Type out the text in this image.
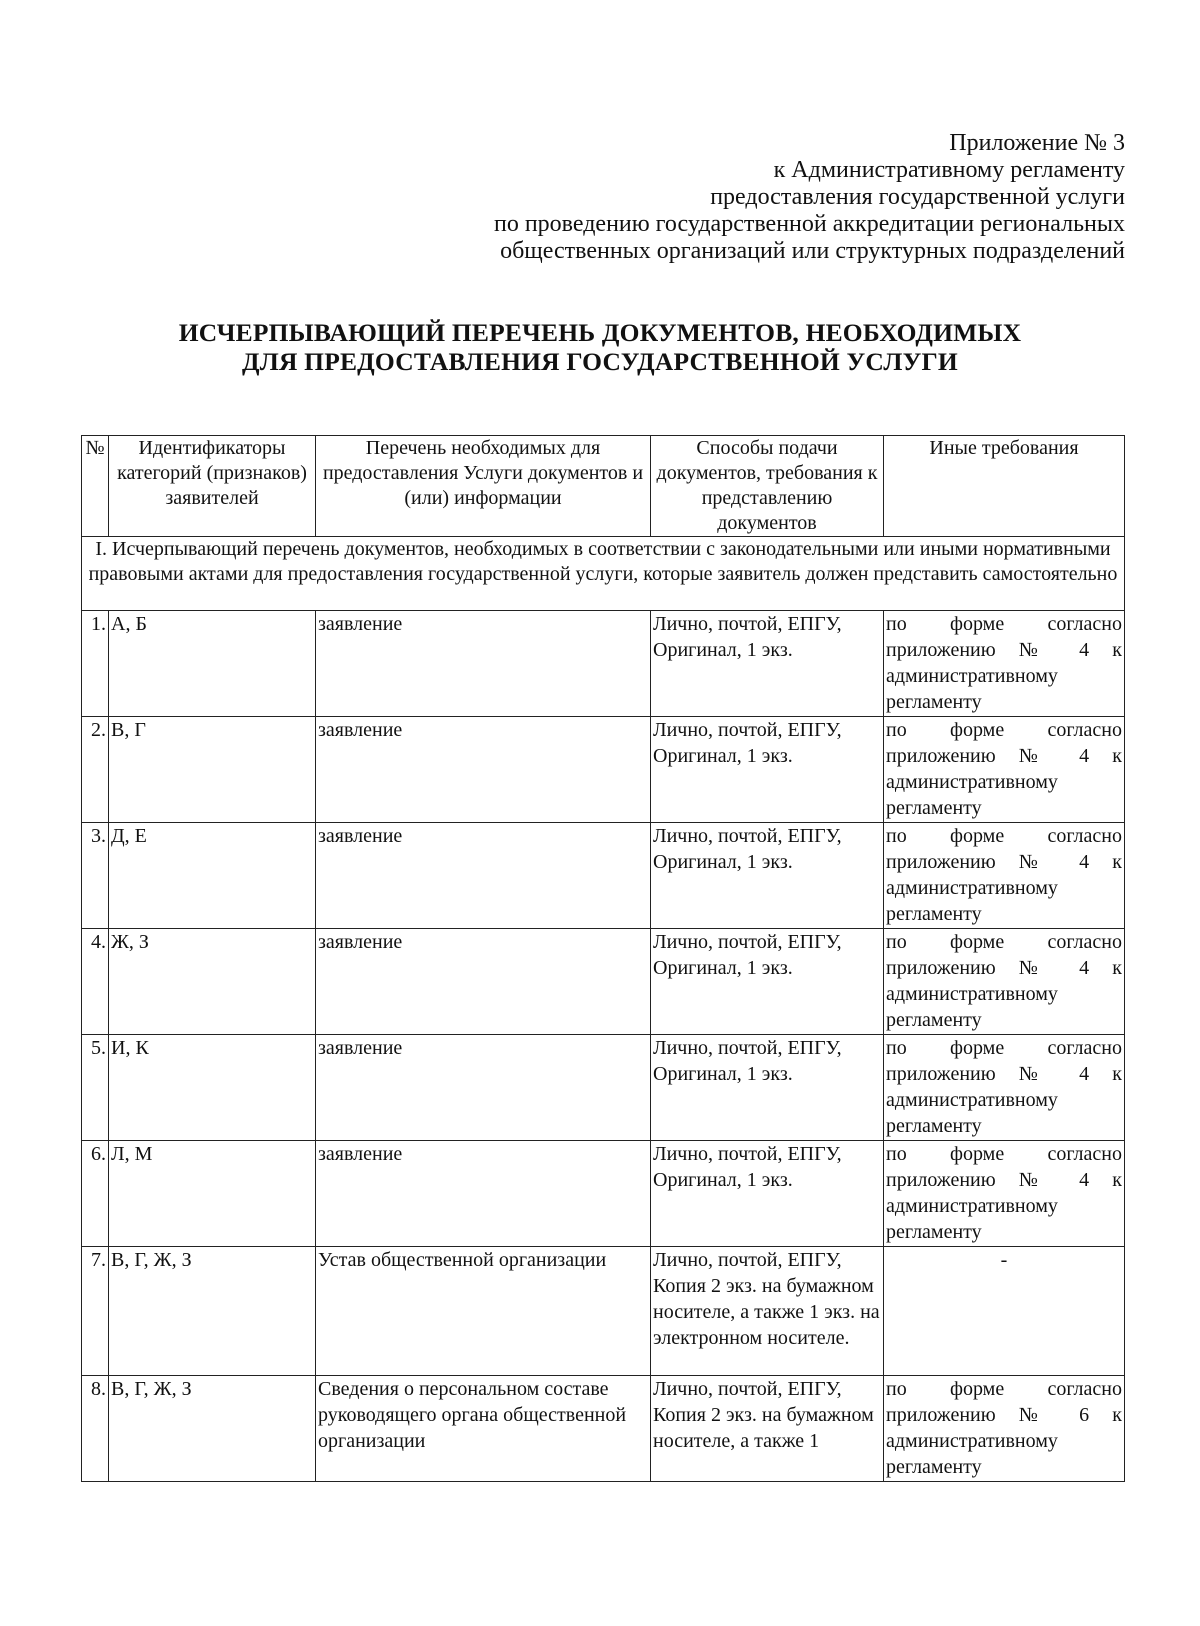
Приложение № 3
к Административному регламенту
предоставления государственной услуги
по проведению государственной аккредитации региональных
общественных организаций или структурных подразделений
ИСЧЕРПЫВАЮЩИЙ ПЕРЕЧЕНЬ ДОКУМЕНТОВ, НЕОБХОДИМЫХ
ДЛЯ ПРЕДОСТАВЛЕНИЯ ГОСУДАРСТВЕННОЙ УСЛУГИ
№	Идентификаторы категорий (признаков) заявителей	Перечень необходимых для предоставления Услуги документов и (или) информации	Способы подачи документов, требования к представлению документов	Иные требования
I. Исчерпывающий перечень документов, необходимых в соответствии с законодательными или иными нормативными правовыми актами для предоставления государственной услуги, которые заявитель должен представить самостоятельно				
1.	А, Б	заявление	Лично, почтой, ЕПГУ, Оригинал, 1 экз.	по форме согласно
приложению № 4 к
административному
регламенту

2.	В, Г	заявление	Лично, почтой, ЕПГУ, Оригинал, 1 экз.	по форме согласно
приложению № 4 к
административному
регламенту

3.	Д, Е	заявление	Лично, почтой, ЕПГУ, Оригинал, 1 экз.	по форме согласно
приложению № 4 к
административному
регламенту

4.	Ж, З	заявление	Лично, почтой, ЕПГУ, Оригинал, 1 экз.	по форме согласно
приложению № 4 к
административному
регламенту

5.	И, К	заявление	Лично, почтой, ЕПГУ, Оригинал, 1 экз.	по форме согласно
приложению № 4 к
административному
регламенту

6.	Л, М	заявление	Лично, почтой, ЕПГУ, Оригинал, 1 экз.	по форме согласно
приложению № 4 к
административному
регламенту

7.	В, Г, Ж, З	Устав общественной организации	Лично, почтой, ЕПГУ, Копия 2 экз. на бумажном носителе, а также 1 экз. на электронном носителе.	-
8.	В, Г, Ж, З	Сведения о персональном составе руководящего органа общественной организации	Лично, почтой, ЕПГУ, Копия 2 экз. на бумажном носителе, а также 1	по форме согласно
приложению № 6 к
административному
регламенту
